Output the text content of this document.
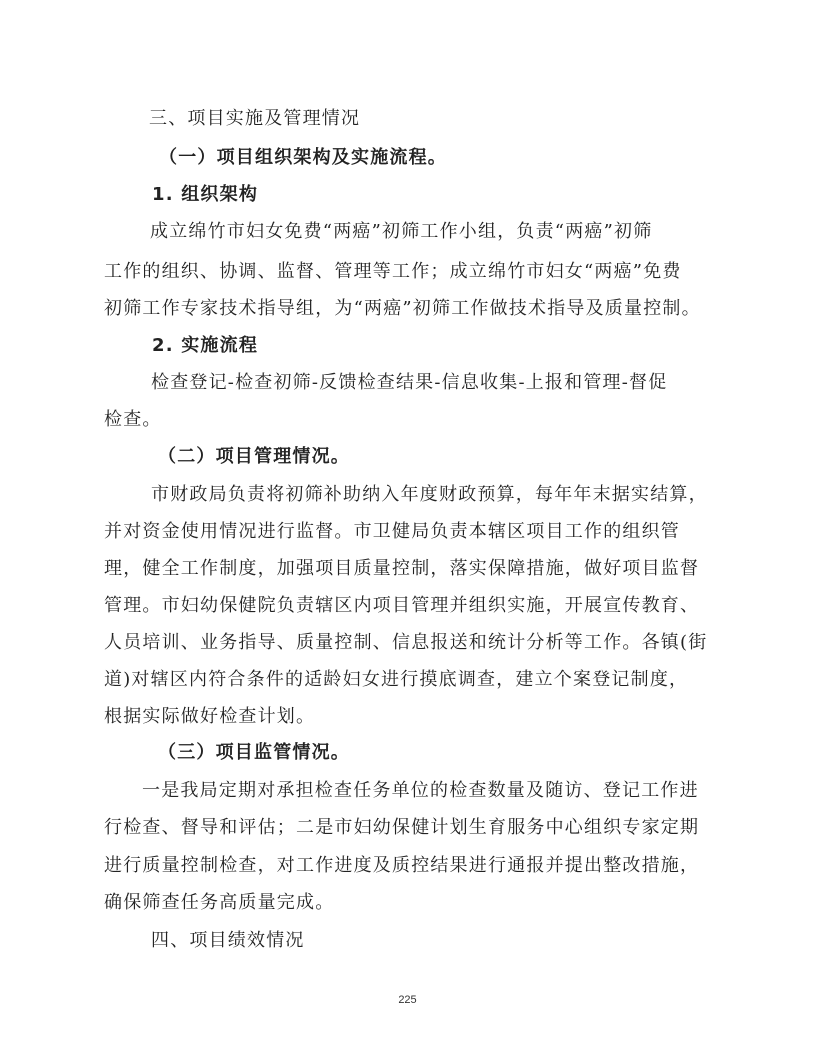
三、项目实施及管理情况
（一）项目组织架构及实施流程。
1. 组织架构
成立绵竹市妇女免费“两癌”初筛工作小组，负责“两癌”初筛
工作的组织、协调、监督、管理等工作；成立绵竹市妇女“两癌”免费
初筛工作专家技术指导组，为“两癌”初筛工作做技术指导及质量控制。
2. 实施流程
检查登记-检查初筛-反馈检查结果-信息收集-上报和管理-督促
检查。
（二）项目管理情况。
市财政局负责将初筛补助纳入年度财政预算，每年年末据实结算，
并对资金使用情况进行监督。市卫健局负责本辖区项目工作的组织管
理，健全工作制度，加强项目质量控制，落实保障措施，做好项目监督
管理。市妇幼保健院负责辖区内项目管理并组织实施，开展宣传教育、
人员培训、业务指导、质量控制、信息报送和统计分析等工作。各镇(街
道)对辖区内符合条件的适龄妇女进行摸底调查，建立个案登记制度，
根据实际做好检查计划。
（三）项目监管情况。
一是我局定期对承担检查任务单位的检查数量及随访、登记工作进
行检查、督导和评估；二是市妇幼保健计划生育服务中心组织专家定期
进行质量控制检查，对工作进度及质控结果进行通报并提出整改措施，
确保筛查任务高质量完成。
四、项目绩效情况
225
